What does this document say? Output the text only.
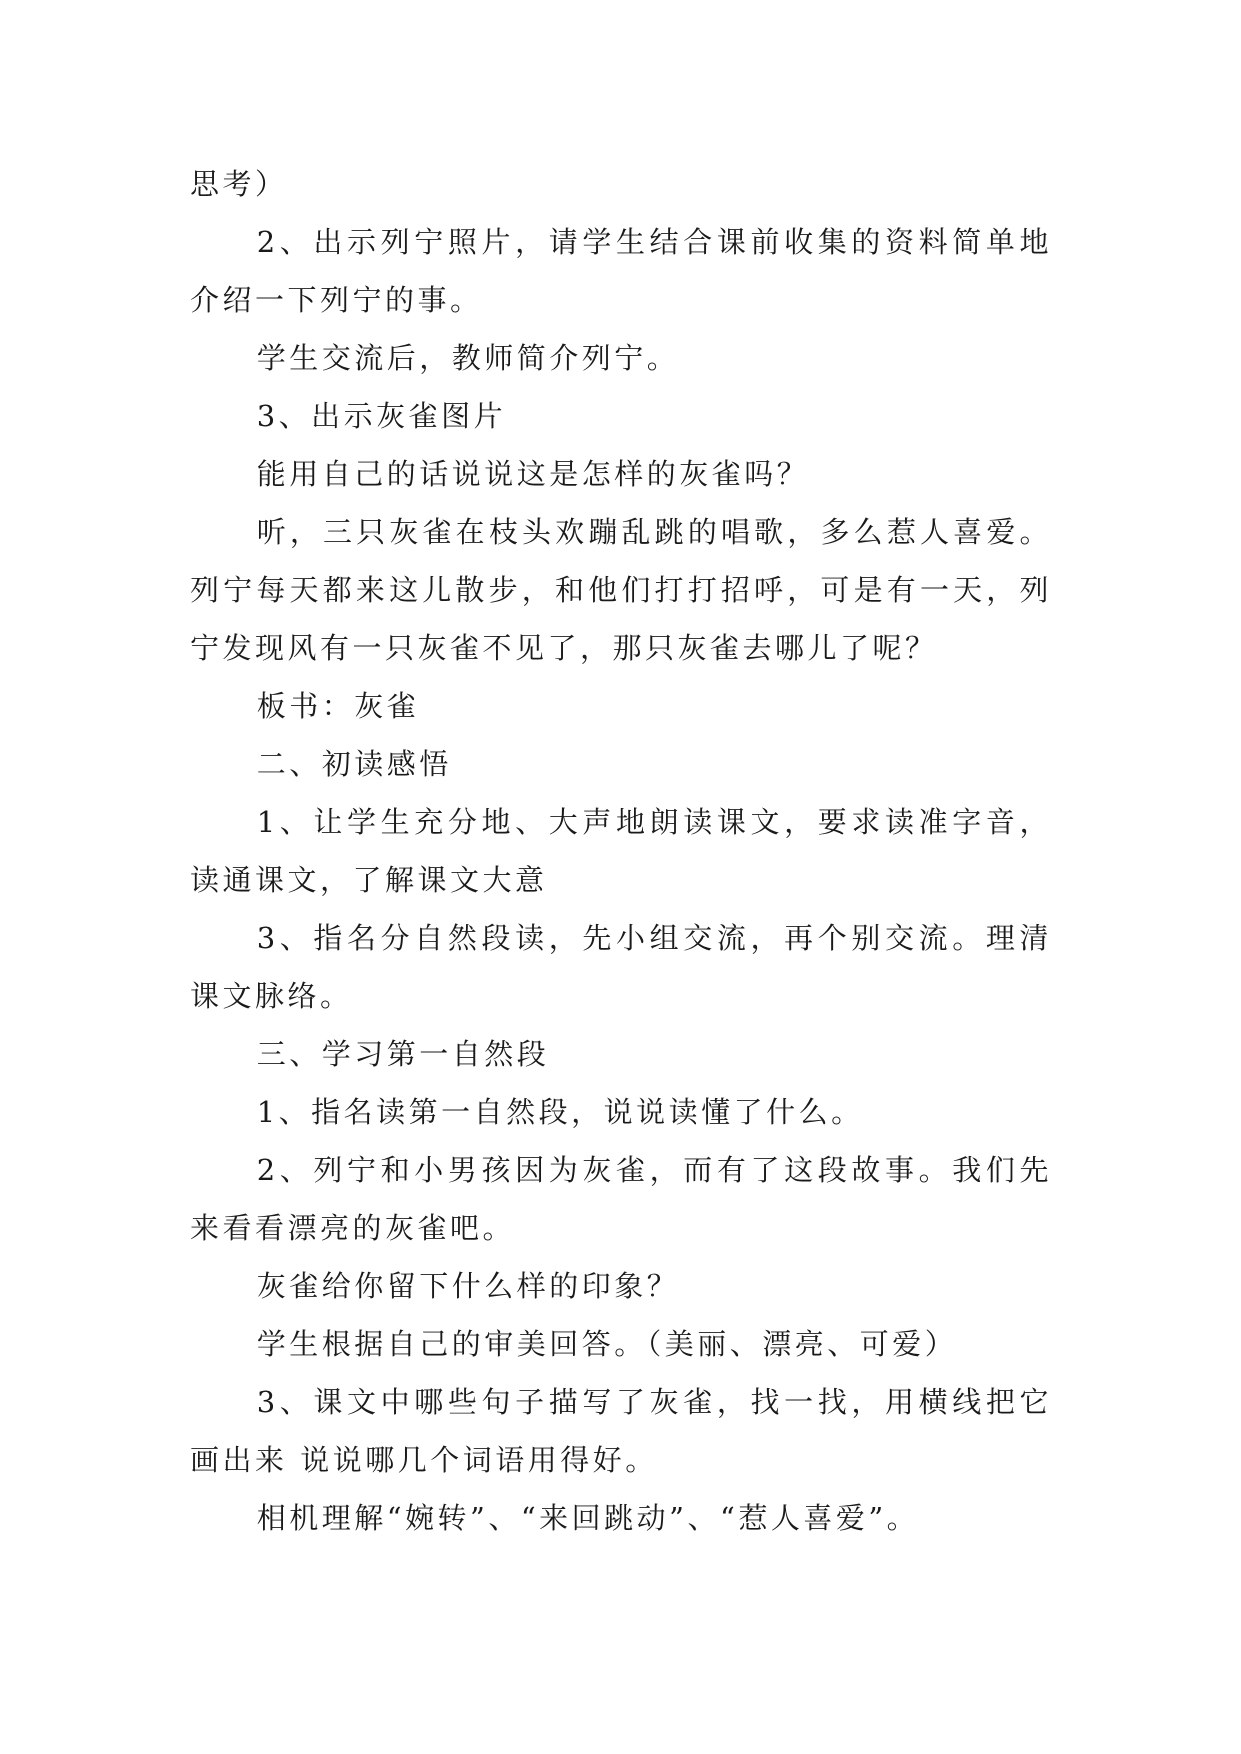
思考）

2、出示列宁照片，请学生结合课前收集的资料简单地介绍一下列宁的事。

学生交流后，教师简介列宁。

3、出示灰雀图片

能用自己的话说说这是怎样的灰雀吗？

听，三只灰雀在枝头欢蹦乱跳的唱歌，多么惹人喜爱。列宁每天都来这儿散步，和他们打打招呼，可是有一天，列宁发现风有一只灰雀不见了，那只灰雀去哪儿了呢？

板书：灰雀

二、初读感悟

1、让学生充分地、大声地朗读课文，要求读准字音，读通课文，了解课文大意

3、指名分自然段读，先小组交流，再个别交流。理清课文脉络。

三、学习第一自然段

1、指名读第一自然段，说说读懂了什么。

2、列宁和小男孩因为灰雀，而有了这段故事。我们先来看看漂亮的灰雀吧。

灰雀给你留下什么样的印象？

学生根据自己的审美回答。（美丽、漂亮、可爱）

3、课文中哪些句子描写了灰雀，找一找，用横线把它画出来 说说哪几个词语用得好。

相机理解“婉转”、“来回跳动”、“惹人喜爱”。
